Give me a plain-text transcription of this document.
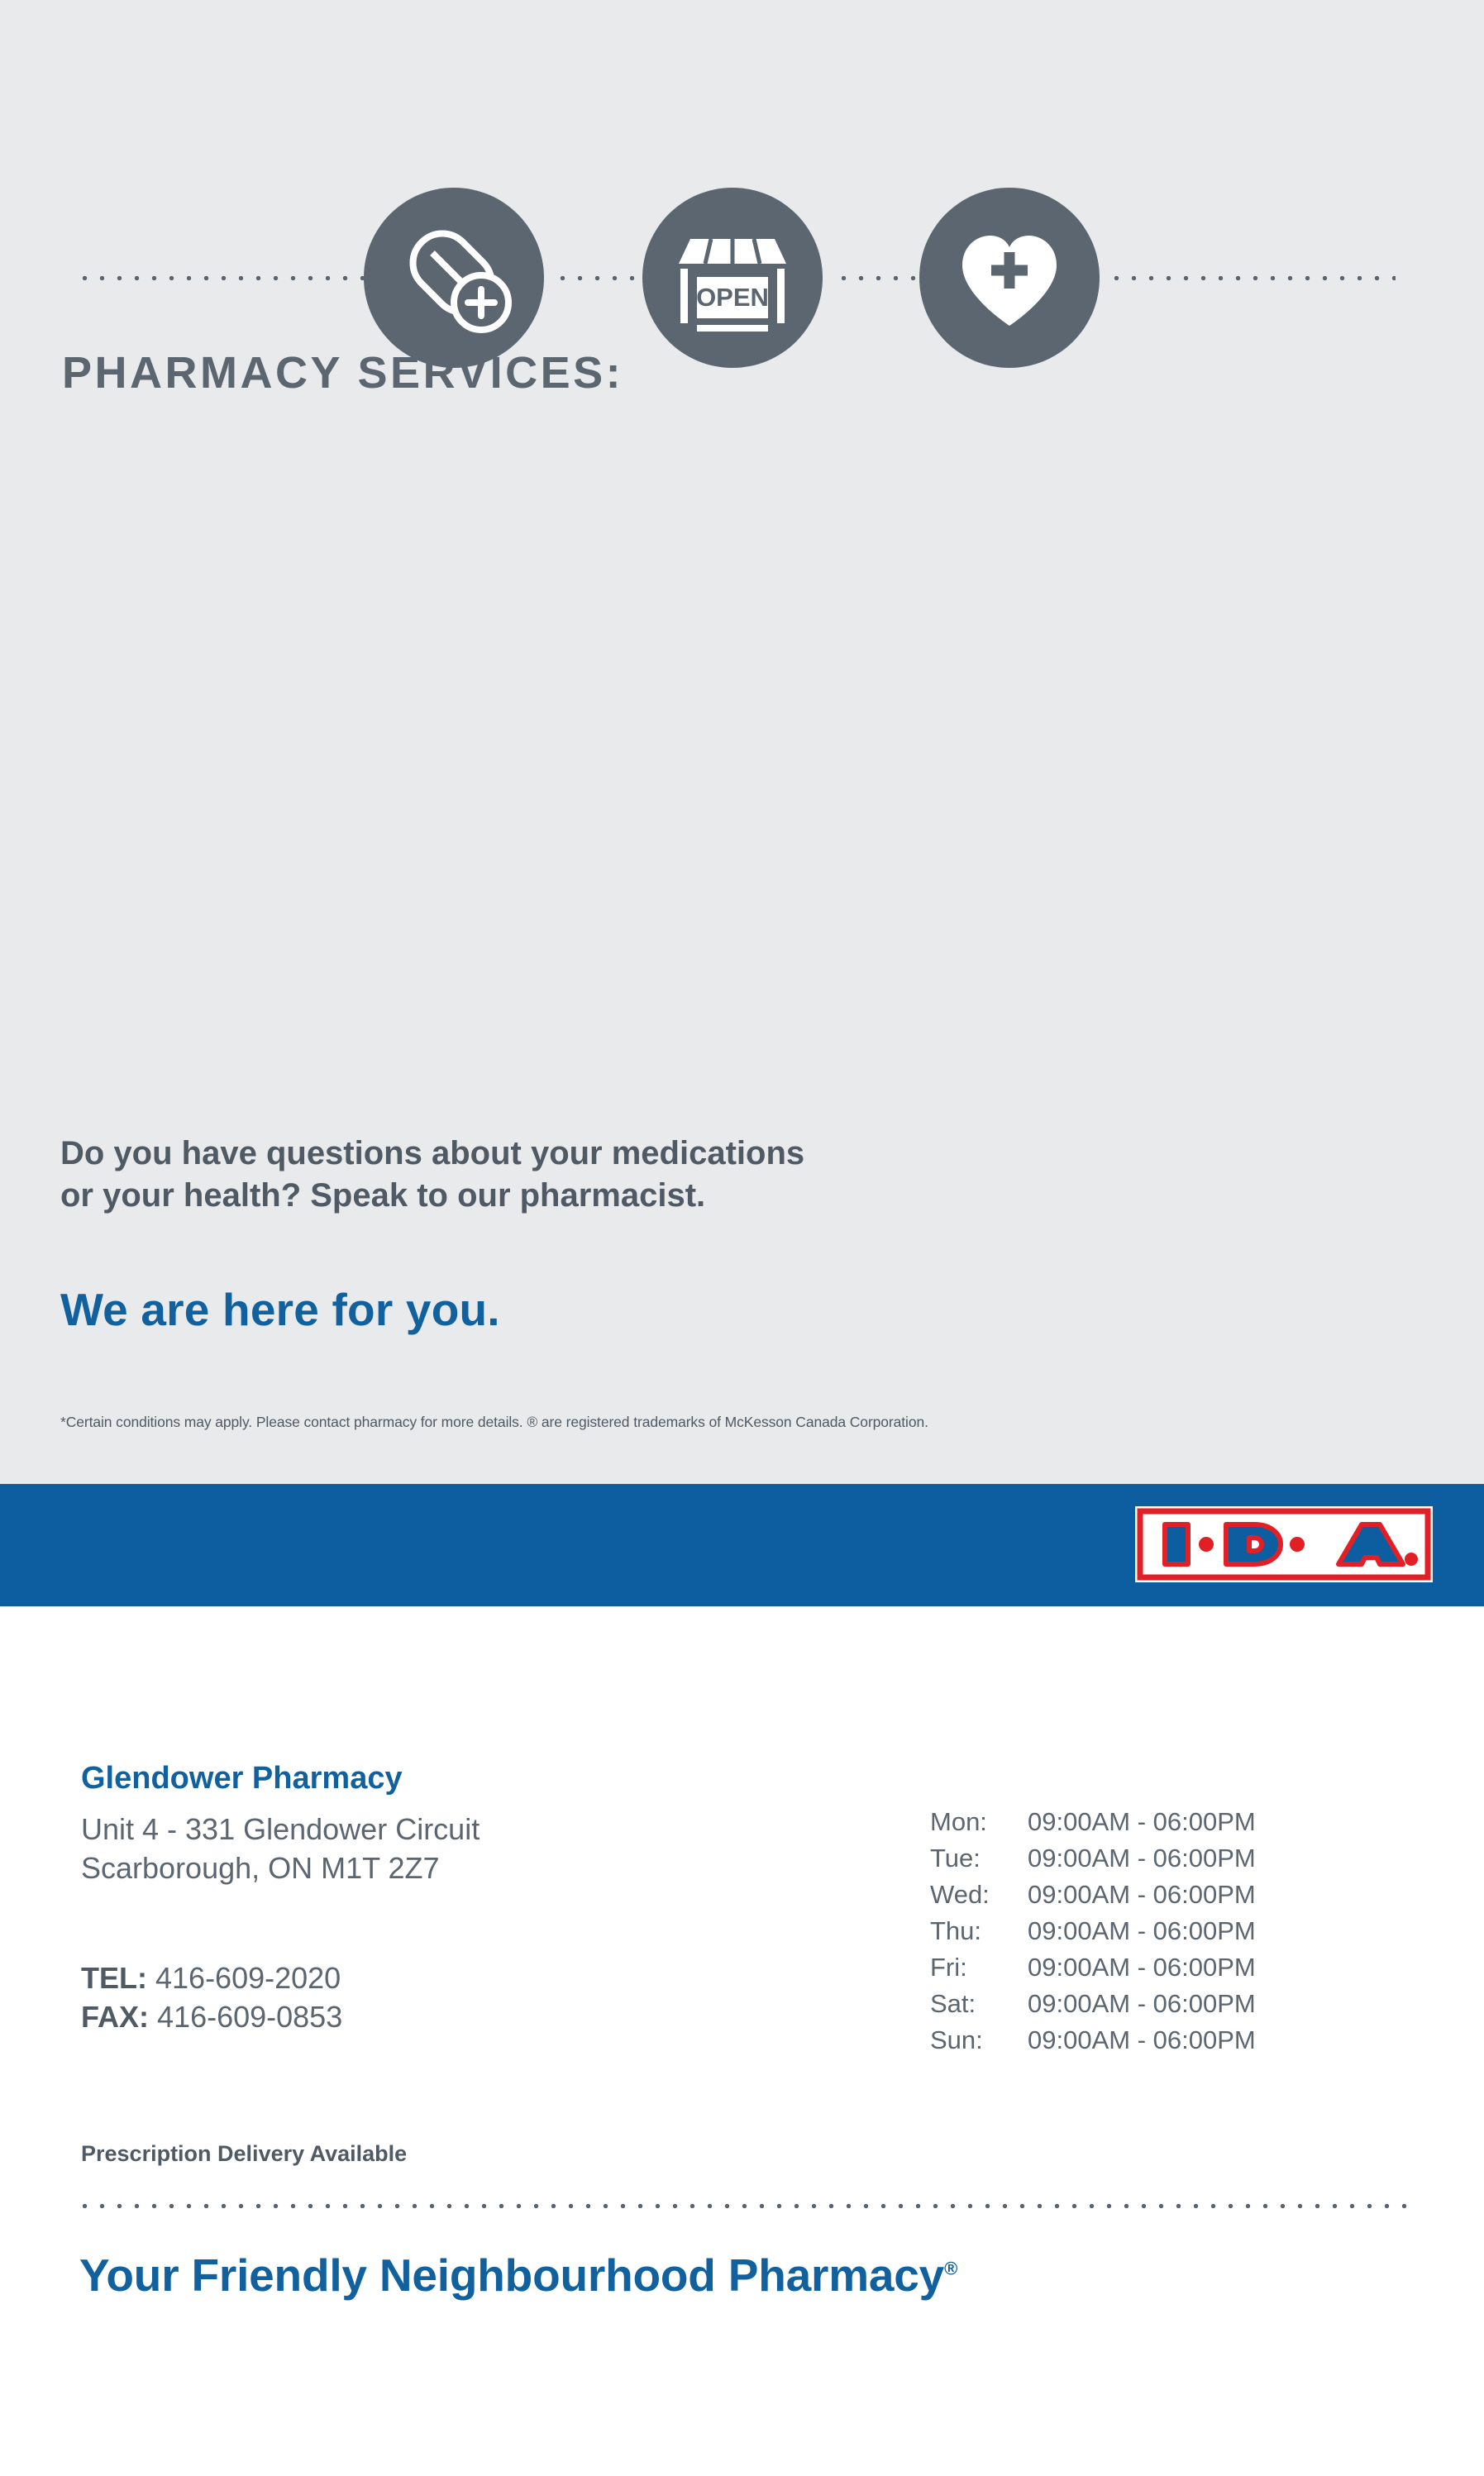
OPEN
PHARMACY SERVICES:
Do you have questions about your medications
or your health? Speak to our pharmacist.
We are here for you.
*Certain conditions may apply. Please contact pharmacy for more details. ® are registered trademarks of McKesson Canada Corporation.
Glendower Pharmacy
Unit 4 - 331 Glendower Circuit
Scarborough, ON M1T 2Z7
TEL: 416-609-2020
FAX: 416-609-0853
Prescription Delivery Available
Mon:	09:00AM - 06:00PM
Tue:	09:00AM - 06:00PM
Wed:	09:00AM - 06:00PM
Thu:	09:00AM - 06:00PM
Fri:	09:00AM - 06:00PM
Sat:	09:00AM - 06:00PM
Sun:	09:00AM - 06:00PM
Your Friendly Neighbourhood Pharmacy®
